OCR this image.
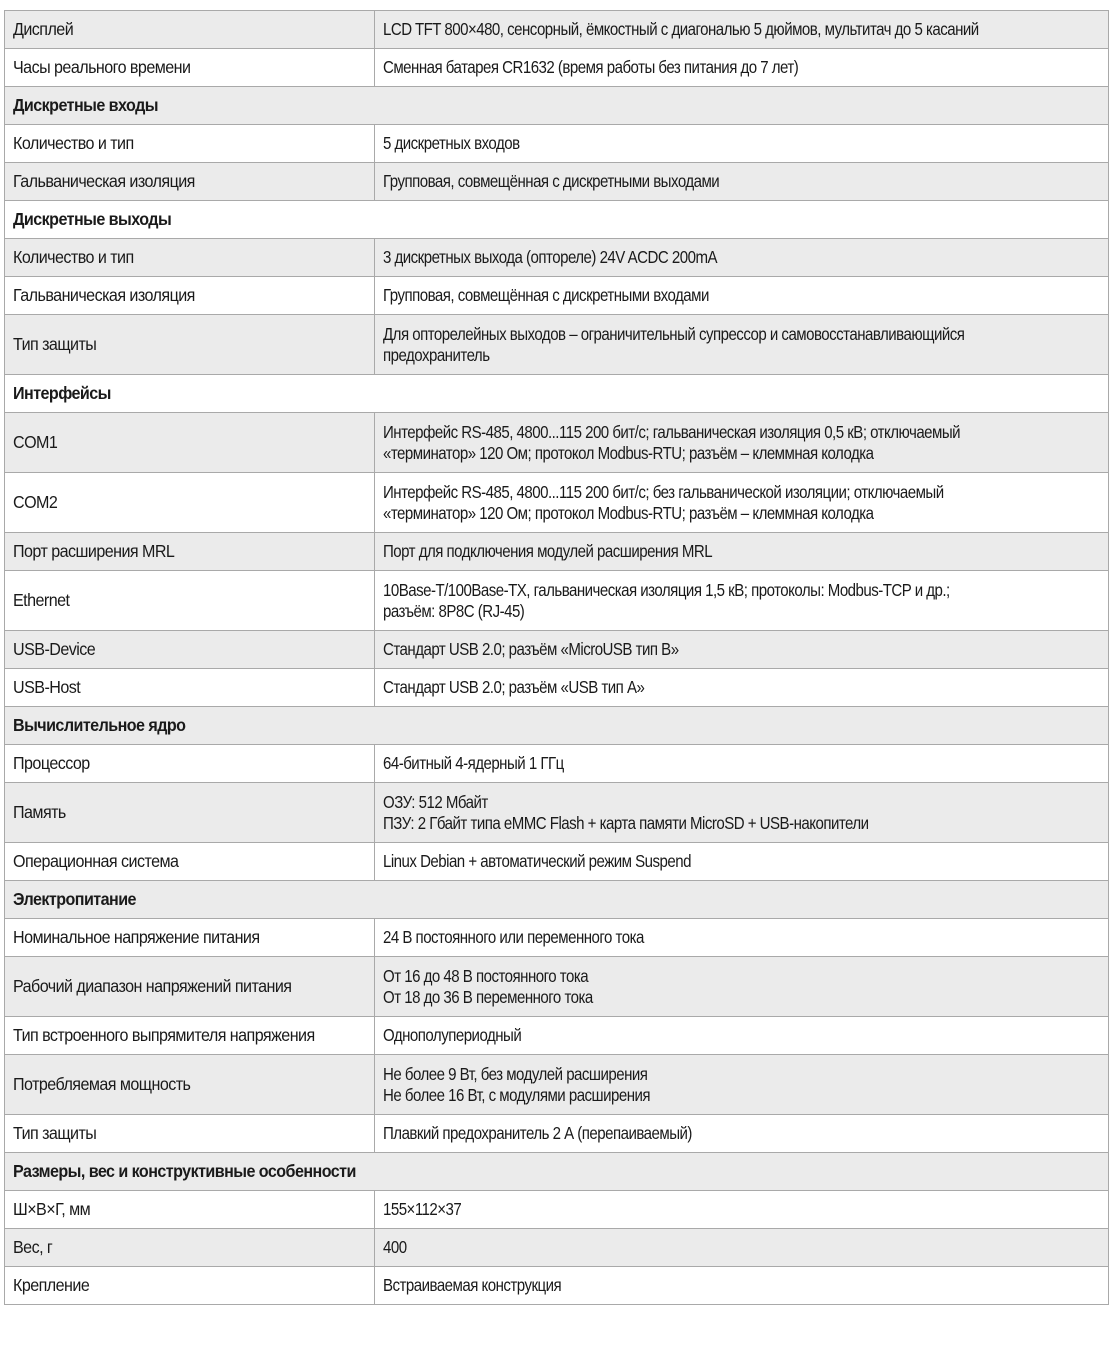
Дисплей	LCD TFT 800×480, сенсорный, ёмкостный с диагональю 5 дюймов, мультитач до 5 касаний

Часы реального времени	Сменная батарея CR1632 (время работы без питания до 7 лет)

Дискретные входы	

Количество и тип	5 дискретных входов

Гальваническая изоляция	Групповая, совмещённая с дискретными выходами

Дискретные выходы	

Количество и тип	3 дискретных выхода (оптореле) 24V ACDC 200mA

Гальваническая изоляция	Групповая, совмещённая с дискретными входами

Тип защиты	Для опторелейных выходов – ограничительный супрессор и самовосстанавливающийся
предохранитель

Интерфейсы	

COM1	Интерфейс RS-485, 4800...115 200 бит/с; гальваническая изоляция 0,5 кВ; отключаемый
«терминатор» 120 Ом; протокол Modbus-RTU; разъём – клеммная колодка

COM2	Интерфейс RS-485, 4800...115 200 бит/с; без гальванической изоляции; отключаемый
«терминатор» 120 Ом; протокол Modbus-RTU; разъём – клеммная колодка

Порт расширения MRL	Порт для подключения модулей расширения MRL

Ethernet	10Base-T/100Base-TX, гальваническая изоляция 1,5 кВ; протоколы: Modbus-TCP и др.;
разъём: 8P8C (RJ-45)

USB-Device	Стандарт USB 2.0; разъём «MicroUSB тип B»

USB-Host	Стандарт USB 2.0; разъём «USB тип A»

Вычислительное ядро	

Процессор	64-битный 4-ядерный 1 ГГц

Память	ОЗУ: 512 Мбайт
ПЗУ: 2 Гбайт типа eMMC Flash + карта памяти MicroSD + USB-накопители

Операционная система	Linux Debian + автоматический режим Suspend

Электропитание	

Номинальное напряжение питания	24 В постоянного или переменного тока

Рабочий диапазон напряжений питания	От 16 до 48 В постоянного тока
От 18 до 36 В переменного тока

Тип встроенного выпрямителя напряжения	Однополупериодный

Потребляемая мощность	Не более 9 Вт, без модулей расширения
Не более 16 Вт, с модулями расширения

Тип защиты	Плавкий предохранитель 2 А (перепаиваемый)

Размеры, вес и конструктивные особенности	

Ш×В×Г, мм	155×112×37

Вес, г	400

Крепление	Встраиваемая конструкция
